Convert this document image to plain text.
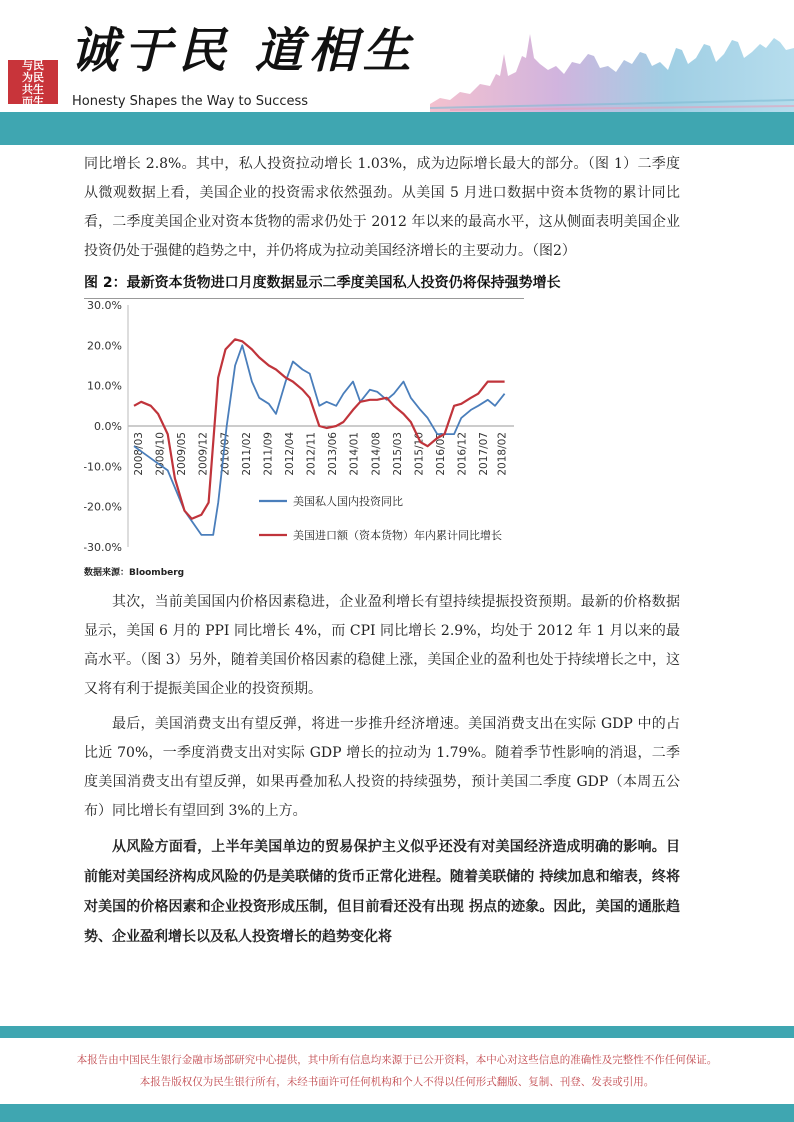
与民
为民
共生
而生
诚于民 道相生
Honesty Shapes the Way to Success

同比增长 2.8%。其中，私人投资拉动增长 1.03%，成为边际增长最大的部分。（图 1）二季度从微观数据上看，美国企业的投资需求依然强劲。从美国 5 月进口数据中资本货物的累计同比看，二季度美国企业对资本货物的需求仍处于 2012 年以来的最高水平，这从侧面表明美国企业投资仍处于强健的趋势之中，并仍将成为拉动美国经济增长的主要动力。（图2）

图 2：最新资本货物进口月度数据显示二季度美国私人投资仍将保持强势增长
30.0%
20.0%
10.0%
0.0%
-10.0%
-20.0%
-30.0%
2008/03 2008/10 2009/05 2009/12 2010/07 2011/02 2011/09 2012/04 2012/11 2013/06 2014/01 2014/08 2015/03 2015/10 2016/05 2016/12 2017/07 2018/02
美国私人国内投资同比
美国进口额（资本货物）年内累计同比增长
数据来源：Bloomberg

其次，当前美国国内价格因素稳进，企业盈利增长有望持续提振投资预期。最新的价格数据显示，美国 6 月的 PPI 同比增长 4%，而 CPI 同比增长 2.9%，均处于 2012 年 1 月以来的最高水平。（图 3）另外，随着美国价格因素的稳健上涨，美国企业的盈利也处于持续增长之中，这又将有利于提振美国企业的投资预期。

最后，美国消费支出有望反弹，将进一步推升经济增速。美国消费支出在实际 GDP 中的占比近 70%，一季度消费支出对实际 GDP 增长的拉动为 1.79%。随着季节性影响的消退，二季度美国消费支出有望反弹，如果再叠加私人投资的持续强势，预计美国二季度 GDP（本周五公布）同比增长有望回到 3%的上方。

从风险方面看，上半年美国单边的贸易保护主义似乎还没有对美国经济造成明确的影响。目前能对美国经济构成风险的仍是美联储的货币正常化进程。随着美联储的 持续加息和缩表，终将对美国的价格因素和企业投资形成压制，但目前看还没有出现 拐点的迹象。因此，美国的通胀趋势、企业盈利增长以及私人投资增长的趋势变化将

本报告由中国民生银行金融市场部研究中心提供，其中所有信息均来源于已公开资料，本中心对这些信息的准确性及完整性不作任何保证。
本报告版权仅为民生银行所有，未经书面许可任何机构和个人不得以任何形式翻版、复制、刊登、发表或引用。
